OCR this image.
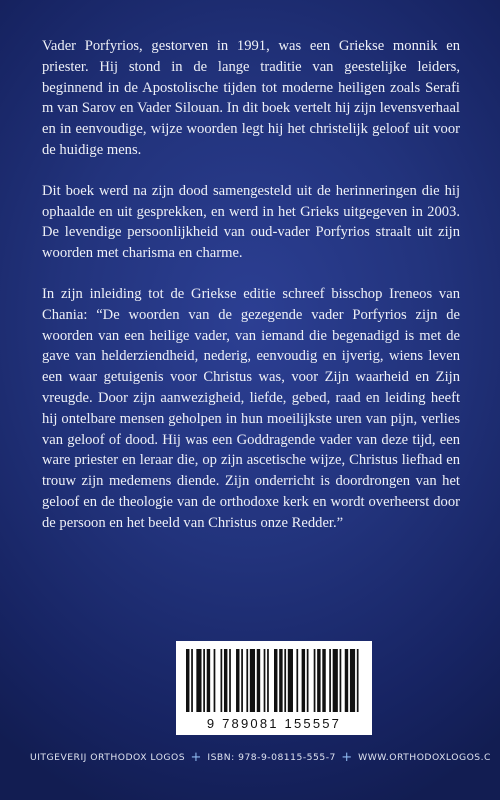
Vader Porfyrios, gestorven in 1991, was een Griekse monnik en priester. Hij stond in de lange traditie van geestelijke leiders, beginnend in de Apostolische tijden tot moderne heiligen zoals Serafi m van Sarov en Vader Silouan. In dit boek vertelt hij zijn levensverhaal en in eenvoudige, wijze woorden legt hij het christelijk geloof uit voor de huidige mens.

Dit boek werd na zijn dood samengesteld uit de herinneringen die hij ophaalde en uit gesprekken, en werd in het Grieks uitgegeven in 2003. De levendige persoonlijkheid van oud-vader Porfyrios straalt uit zijn woorden met charisma en charme.

In zijn inleiding tot de Griekse editie schreef bisschop Ireneos van Chania: “De woorden van de gezegende vader Porfyrios zijn de woorden van een heilige vader, van iemand die begenadigd is met de gave van helderziendheid, nederig, eenvoudig en ijverig, wiens leven een waar getuigenis voor Christus was, voor Zijn waarheid en Zijn vreugde. Door zijn aanwezigheid, liefde, gebed, raad en leiding heeft hij ontelbare mensen geholpen in hun moeilijkste uren van pijn, verlies van geloof of dood. Hij was een Goddragende vader van deze tijd, een ware priester en leraar die, op zijn ascetische wijze, Christus liefhad en trouw zijn medemens diende. Zijn onderricht is doordrongen van het geloof en de theologie van de orthodoxe kerk en wordt overheerst door de persoon en het beeld van Christus onze Redder.”

9 789081 155557
UITGEVERIJ ORTHODOX LOGOS + ISBN: 978-9-08115-555-7 + WWW.ORTHODOXLOGOS.C
